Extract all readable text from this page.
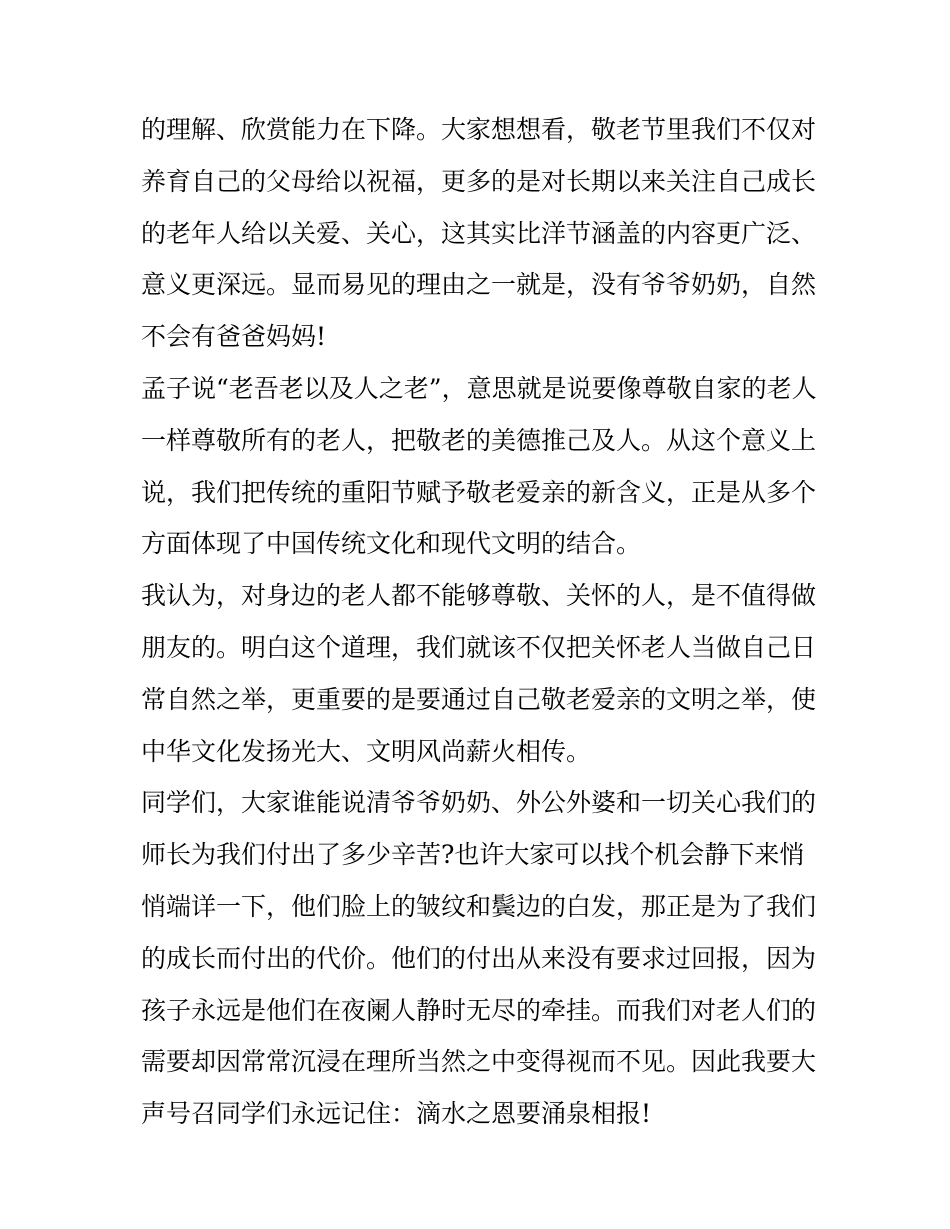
的理解、欣赏能力在下降。大家想想看，敬老节里我们不仅对
养育自己的父母给以祝福，更多的是对长期以来关注自己成长
的老年人给以关爱、关心，这其实比洋节涵盖的内容更广泛、
意义更深远。显而易见的理由之一就是，没有爷爷奶奶，自然
不会有爸爸妈妈!
孟子说“老吾老以及人之老”，意思就是说要像尊敬自家的老人
一样尊敬所有的老人，把敬老的美德推己及人。从这个意义上
说，我们把传统的重阳节赋予敬老爱亲的新含义，正是从多个
方面体现了中国传统文化和现代文明的结合。
我认为，对身边的老人都不能够尊敬、关怀的人，是不值得做
朋友的。明白这个道理，我们就该不仅把关怀老人当做自己日
常自然之举，更重要的是要通过自己敬老爱亲的文明之举，使
中华文化发扬光大、文明风尚薪火相传。
同学们，大家谁能说清爷爷奶奶、外公外婆和一切关心我们的
师长为我们付出了多少辛苦?也许大家可以找个机会静下来悄
悄端详一下，他们脸上的皱纹和鬓边的白发，那正是为了我们
的成长而付出的代价。他们的付出从来没有要求过回报，因为
孩子永远是他们在夜阑人静时无尽的牵挂。而我们对老人们的
需要却因常常沉浸在理所当然之中变得视而不见。因此我要大
声号召同学们永远记住：滴水之恩要涌泉相报!
